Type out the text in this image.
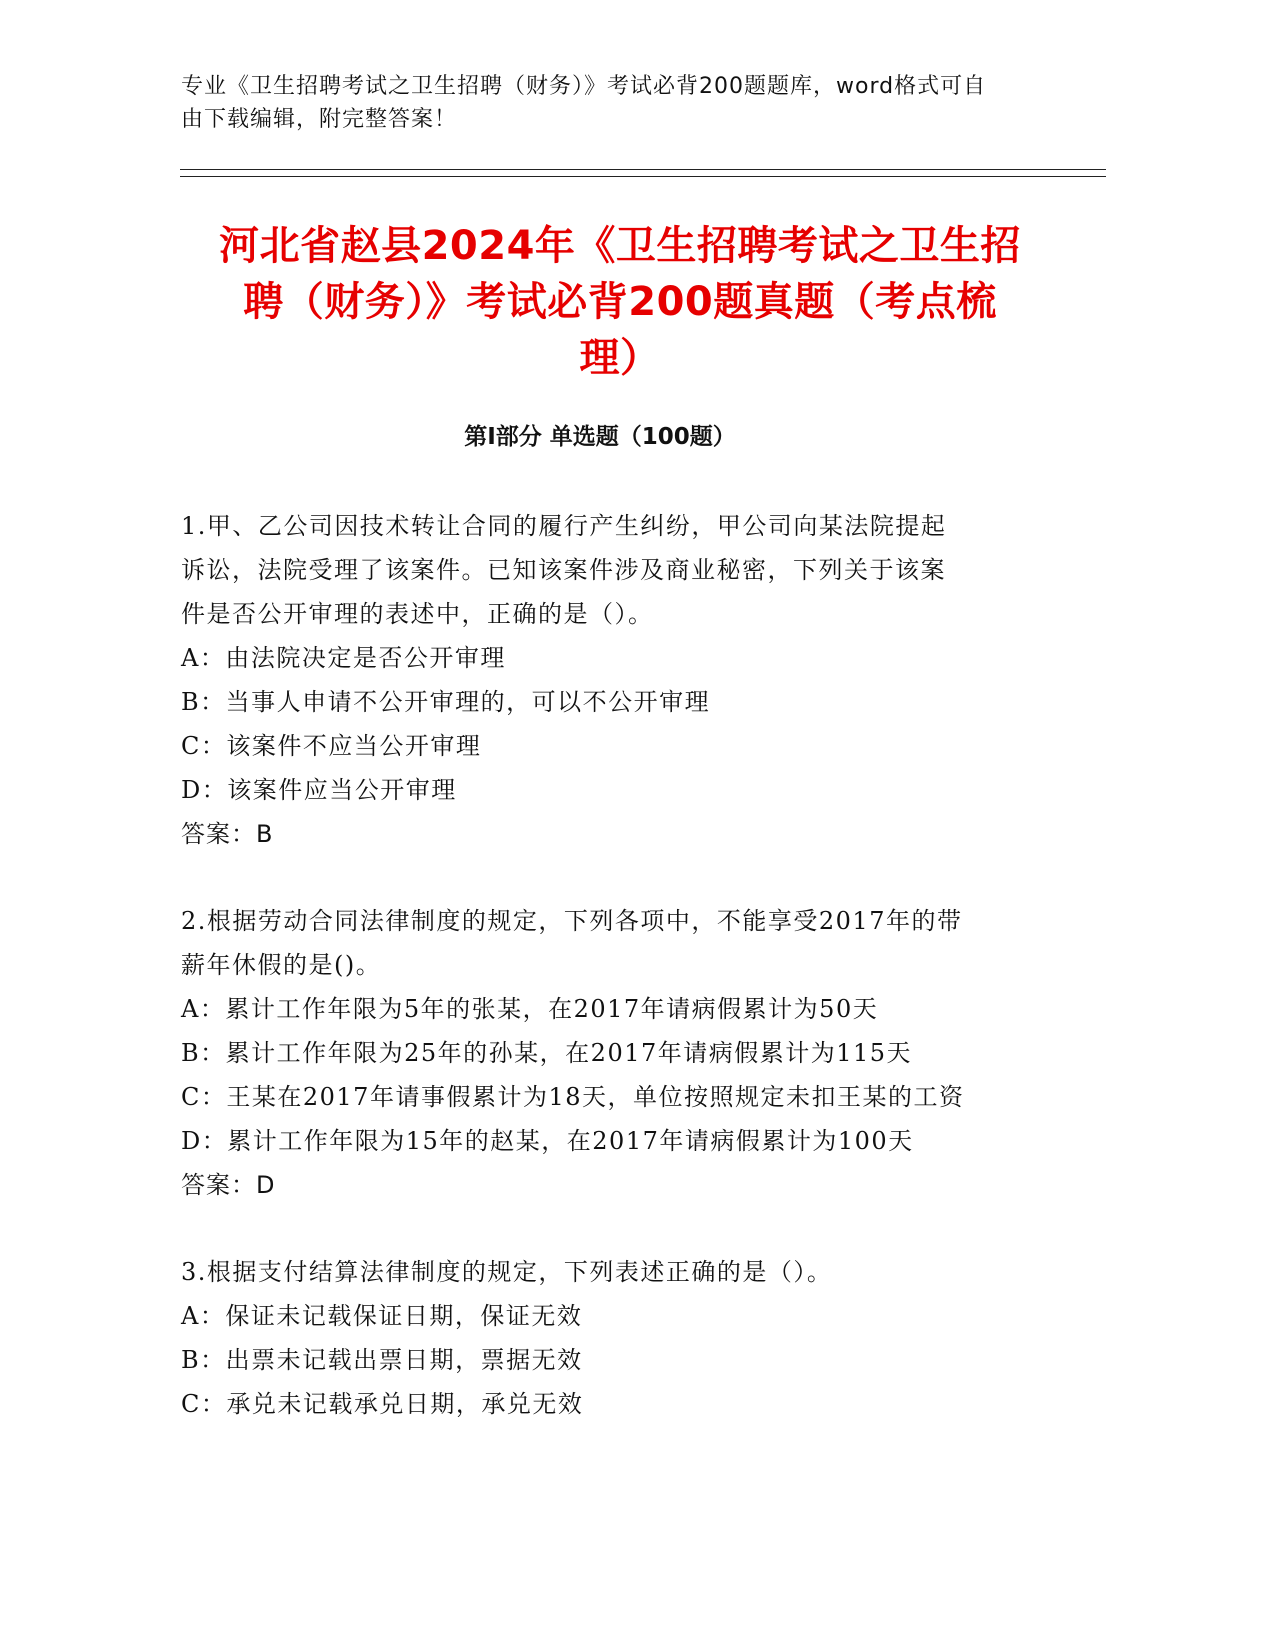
专业《卫生招聘考试之卫生招聘（财务）》考试必背200题题库，word格式可自
由下载编辑，附完整答案！
河北省赵县2024年《卫生招聘考试之卫生招
聘（财务）》考试必背200题真题（考点梳
理）
第Ⅰ部分 单选题（100题）

1.甲、乙公司因技术转让合同的履行产生纠纷，甲公司向某法院提起

诉讼，法院受理了该案件。已知该案件涉及商业秘密，下列关于该案

件是否公开审理的表述中，正确的是（）。

A：由法院决定是否公开审理

B：当事人申请不公开审理的，可以不公开审理

C：该案件不应当公开审理

D：该案件应当公开审理

答案：B

2.根据劳动合同法律制度的规定，下列各项中，不能享受2017年的带

薪年休假的是()。

A：累计工作年限为5年的张某，在2017年请病假累计为50天

B：累计工作年限为25年的孙某，在2017年请病假累计为115天

C：王某在2017年请事假累计为18天，单位按照规定未扣王某的工资

D：累计工作年限为15年的赵某，在2017年请病假累计为100天

答案：D

3.根据支付结算法律制度的规定，下列表述正确的是（）。

A：保证未记载保证日期，保证无效

B：出票未记载出票日期，票据无效

C：承兑未记载承兑日期，承兑无效
